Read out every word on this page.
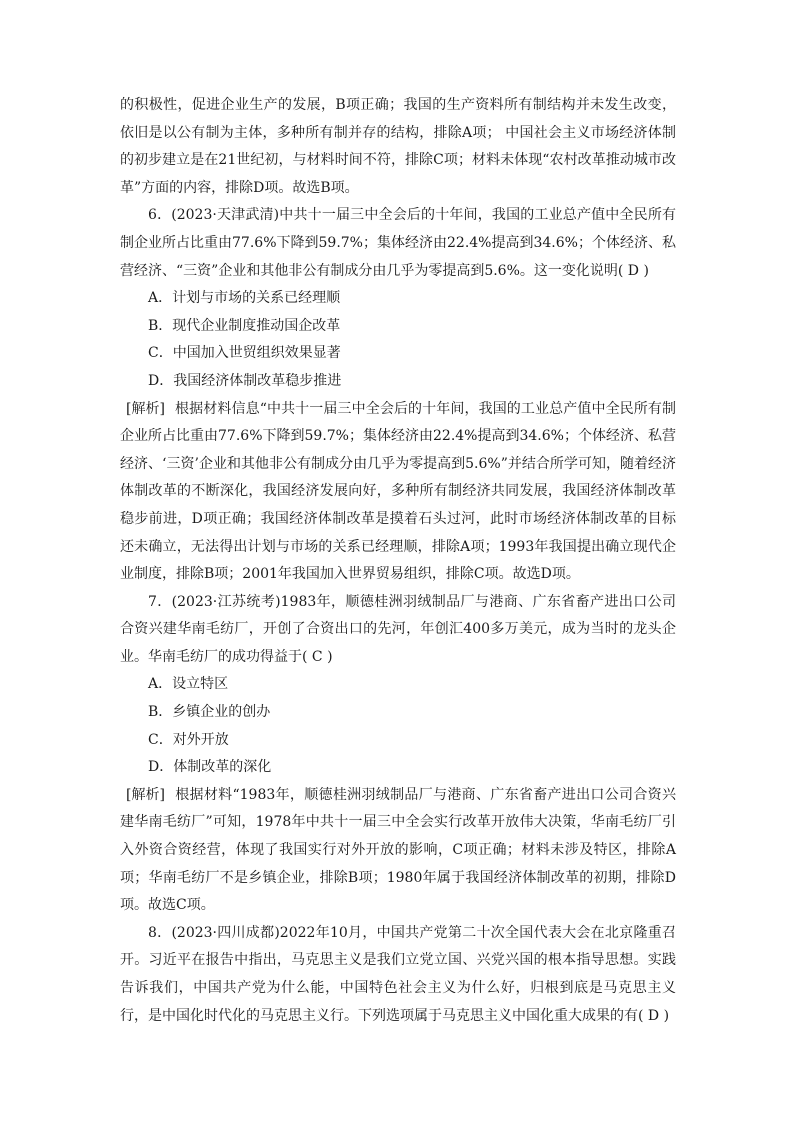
的积极性，促进企业生产的发展，B项正确；我国的生产资料所有制结构并未发生改变，依旧是以公有制为主体，多种所有制并存的结构，排除A项； 中国社会主义市场经济体制的初步建立是在21世纪初，与材料时间不符，排除C项；材料未体现“农村改革推动城市改革”方面的内容，排除D项。故选B项。

6．(2023·天津武清)中共十一届三中全会后的十年间，我国的工业总产值中全民所有制企业所占比重由77.6%下降到59.7%；集体经济由22.4%提高到34.6%；个体经济、私营经济、“三资”企业和其他非公有制成分由几乎为零提高到5.6%。这一变化说明( D )

A．计划与市场的关系已经理顺

B．现代企业制度推动国企改革

C．中国加入世贸组织效果显著

D．我国经济体制改革稳步推进

[解析] 根据材料信息“中共十一届三中全会后的十年间，我国的工业总产值中全民所有制企业所占比重由77.6%下降到59.7%；集体经济由22.4%提高到34.6%；个体经济、私营经济、‘三资’企业和其他非公有制成分由几乎为零提高到5.6%”并结合所学可知，随着经济体制改革的不断深化，我国经济发展向好，多种所有制经济共同发展，我国经济体制改革稳步前进，D项正确；我国经济体制改革是摸着石头过河，此时市场经济体制改革的目标还未确立，无法得出计划与市场的关系已经理顺，排除A项；1993年我国提出确立现代企业制度，排除B项；2001年我国加入世界贸易组织，排除C项。故选D项。

7．(2023·江苏统考)1983年，顺德桂洲羽绒制品厂与港商、广东省畜产进出口公司合资兴建华南毛纺厂，开创了合资出口的先河，年创汇400多万美元，成为当时的龙头企业。华南毛纺厂的成功得益于( C )

A．设立特区

B．乡镇企业的创办

C．对外开放

D．体制改革的深化

[解析] 根据材料“1983年，顺德桂洲羽绒制品厂与港商、广东省畜产进出口公司合资兴建华南毛纺厂”可知，1978年中共十一届三中全会实行改革开放伟大决策，华南毛纺厂引入外资合资经营，体现了我国实行对外开放的影响，C项正确；材料未涉及特区，排除A项；华南毛纺厂不是乡镇企业，排除B项；1980年属于我国经济体制改革的初期，排除D项。故选C项。

8．(2023·四川成都)2022年10月，中国共产党第二十次全国代表大会在北京隆重召开。习近平在报告中指出，马克思主义是我们立党立国、兴党兴国的根本指导思想。实践告诉我们，中国共产党为什么能，中国特色社会主义为什么好，归根到底是马克思主义行，是中国化时代化的马克思主义行。下列选项属于马克思主义中国化重大成果的有( D )
